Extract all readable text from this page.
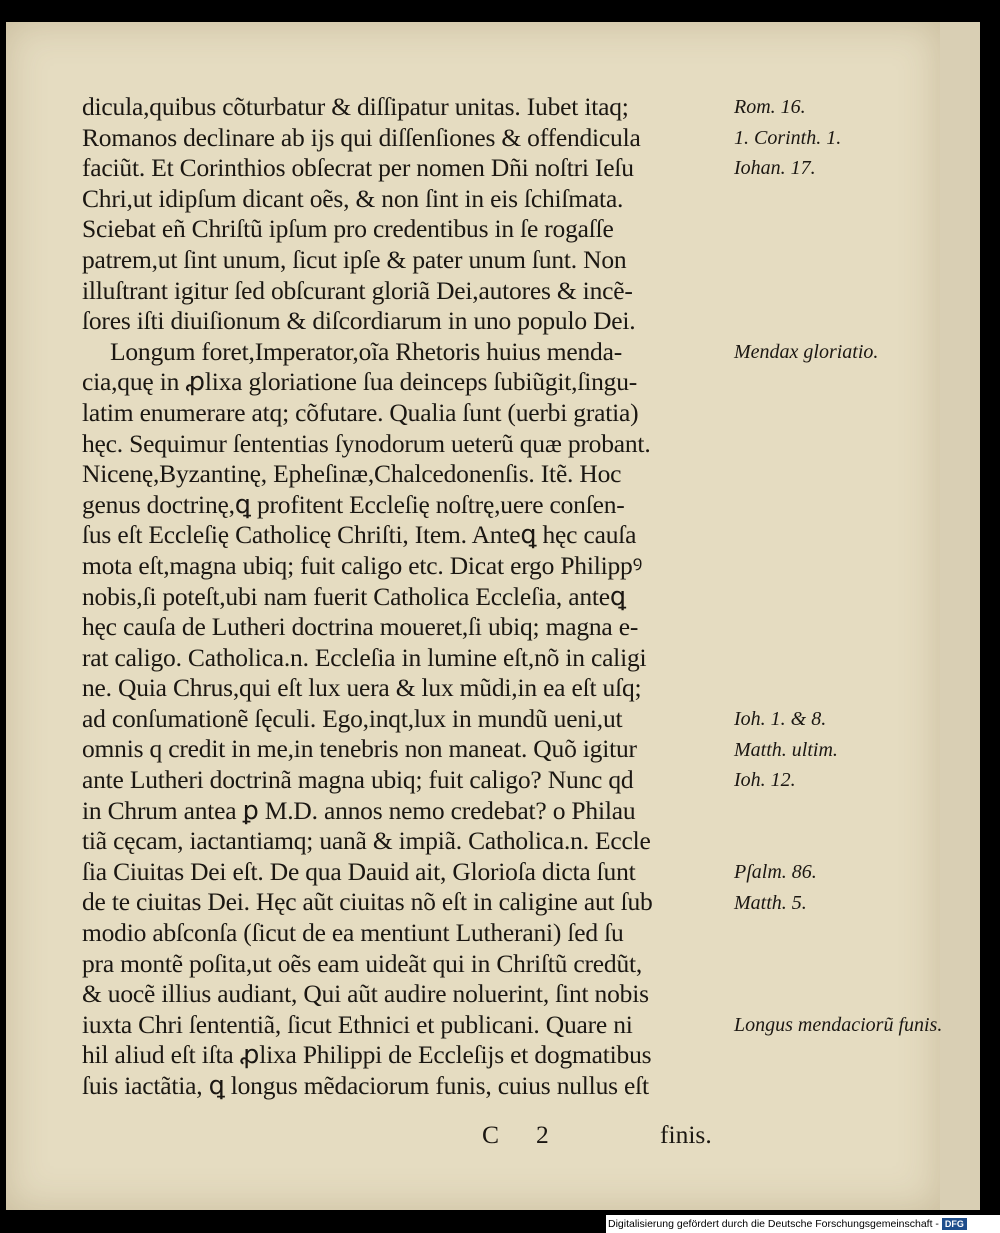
dicula,quibus cõturbatur & diſſipatur unitas. Iubet itaq;
Romanos declinare ab ijs qui diſſenſiones & offendicula
faciũt. Et Corinthios obſecrat per nomen Dñi noſtri Ieſu
Chri,ut idipſum dicant oẽs, & non ſint in eis ſchiſmata.
Sciebat eñ Chriſtũ ipſum pro credentibus in ſe rogaſſe
patrem,ut ſint unum, ſicut ipſe & pater unum ſunt. Non
illuſtrant igitur ſed obſcurant gloriã Dei,autores & incẽ-
ſores iſti diuiſionum & diſcordiarum in uno populo Dei.
Longum foret,Imperator,oĩa Rhetoris huius menda-
cia,quę in ꝓlixa gloriatione ſua deinceps ſubiũgit,ſingu-
latim enumerare atq; cõfutare. Qualia ſunt (uerbi gratia)
hęc. Sequimur ſententias ſynodorum ueterũ quæ probant.
Nicenę,Byzantinę, Epheſinæ,Chalcedonenſis. Itẽ. Hoc
genus doctrinę,ꝗ profitent Eccleſię noſtrę,uere conſen-
ſus eſt Eccleſię Catholicę Chriſti, Item. Anteꝗ hęc cauſa
mota eſt,magna ubiq; fuit caligo etc. Dicat ergo Philippꝰ
nobis,ſi poteſt,ubi nam fuerit Catholica Eccleſia, anteꝗ
hęc cauſa de Lutheri doctrina moueret,ſi ubiq; magna e-
rat caligo. Catholica.n. Eccleſia in lumine eſt,nõ in caligi
ne. Quia Chrus,qui eſt lux uera & lux mũdi,in ea eſt uſq;
ad conſumationẽ ſęculi. Ego,inqt,lux in mundũ ueni,ut
omnis q credit in me,in tenebris non maneat. Quõ igitur
ante Lutheri doctrinã magna ubiq; fuit caligo? Nunc qd
in Chrum antea ꝑ M.D. annos nemo credebat? o Philau
tiã cęcam, iactantiamq; uanã & impiã. Catholica.n. Eccle
ſia Ciuitas Dei eſt. De qua Dauid ait, Glorioſa dicta ſunt
de te ciuitas Dei. Hęc aũt ciuitas nõ eſt in caligine aut ſub
modio abſconſa (ſicut de ea mentiunt Lutherani) ſed ſu
pra montẽ poſita,ut oẽs eam uideãt qui in Chriſtũ credũt,
& uocẽ illius audiant, Qui aũt audire noluerint, ſint nobis
iuxta Chri ſententiã, ſicut Ethnici et publicani. Quare ni
hil aliud eſt iſta ꝓlixa Philippi de Eccleſijs et dogmatibus
ſuis iactãtia, ꝗ longus mẽdaciorum funis, cuius nullus eſt
Rom. 16.
1. Corinth. 1.
Iohan. 17.
Mendax gloriatio.
Ioh. 1. & 8.
Matth. ultim.
Ioh. 12.
Pſalm. 86.
Matth. 5.
Longus mendaciorũ funis.
C 2	finis.
Digitalisierung gefördert durch die Deutsche Forschungsgemeinschaft - DFG
